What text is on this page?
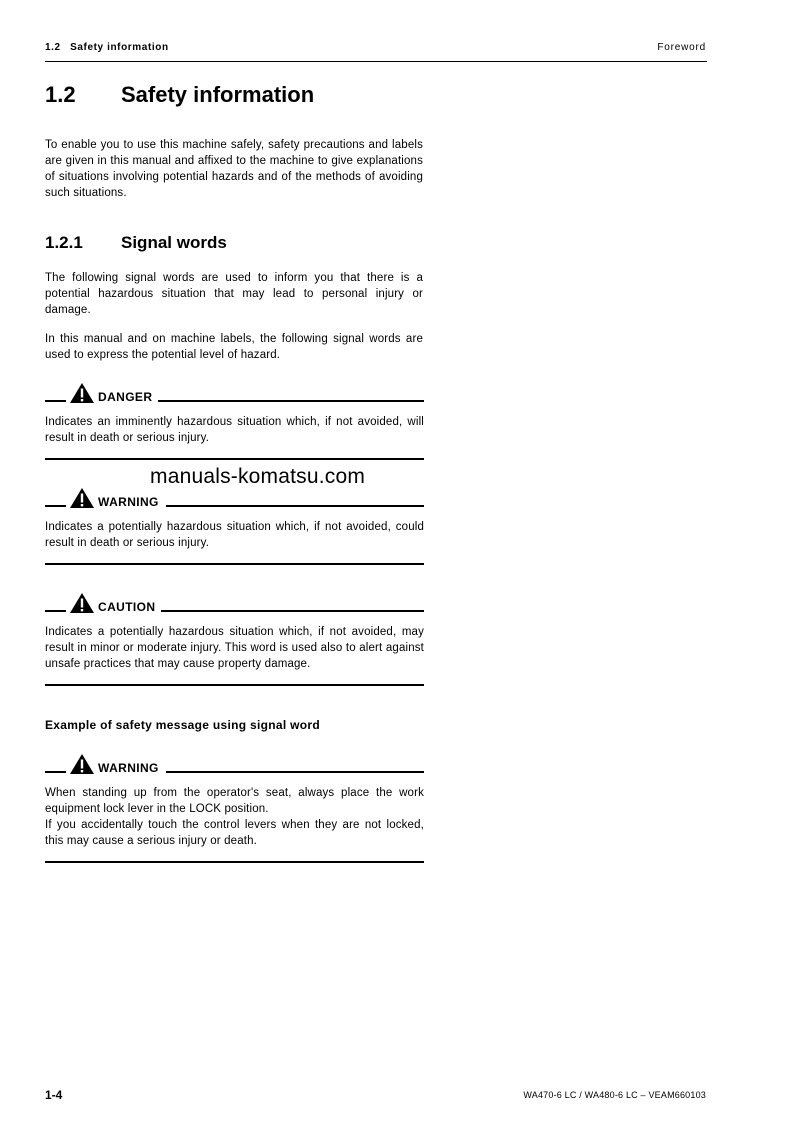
1.2 Safety information	Foreword
1.2 Safety information
To enable you to use this machine safely, safety precautions and labels are given in this manual and affixed to the machine to give explanations of situations involving potential hazards and of the methods of avoiding such situations.
1.2.1 Signal words
The following signal words are used to inform you that there is a potential hazardous situation that may lead to personal injury or damage.
In this manual and on machine labels, the following signal words are used to express the potential level of hazard.
DANGER
Indicates an imminently hazardous situation which, if not avoided, will result in death or serious injury.
manuals-komatsu.com
WARNING
Indicates a potentially hazardous situation which, if not avoided, could result in death or serious injury.
CAUTION
Indicates a potentially hazardous situation which, if not avoided, may result in minor or moderate injury. This word is used also to alert against unsafe practices that may cause property damage.
Example of safety message using signal word
WARNING
When standing up from the operator's seat, always place the work equipment lock lever in the LOCK position.
If you accidentally touch the control levers when they are not locked, this may cause a serious injury or death.
1-4	WA470-6 LC / WA480-6 LC – VEAM660103
